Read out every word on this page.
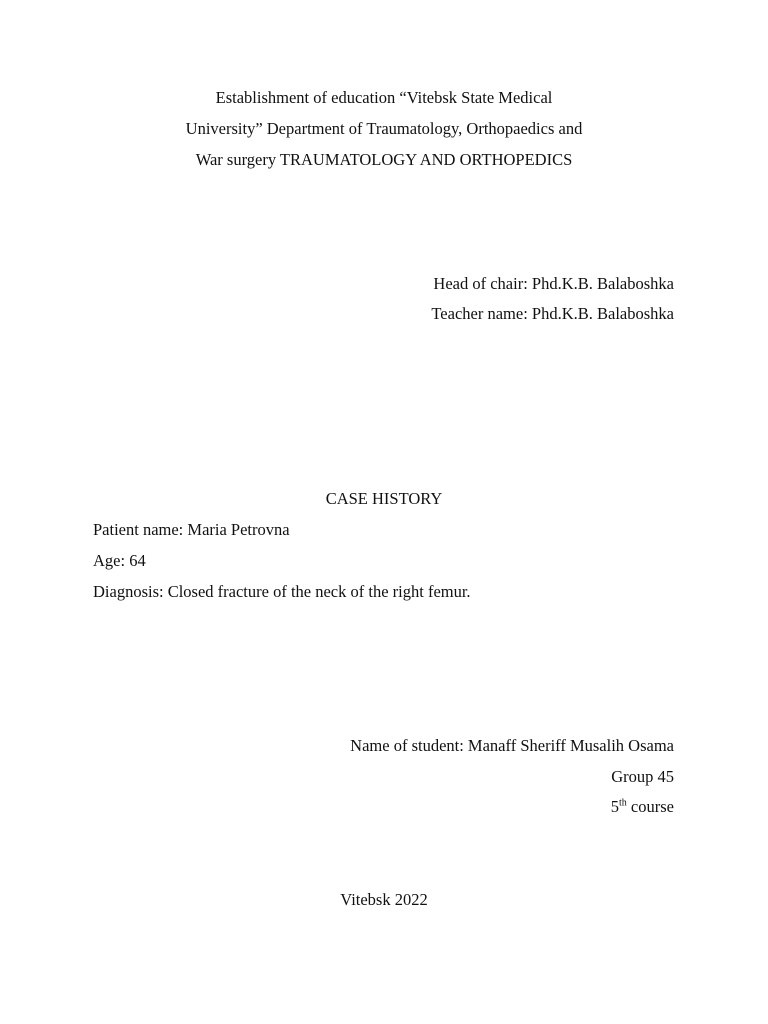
Establishment of education “Vitebsk State Medical
University” Department of Traumatology, Orthopaedics and
War surgery TRAUMATOLOGY AND ORTHOPEDICS
Head of chair: Phd.K.B. Balaboshka
Teacher name: Phd.K.B. Balaboshka
CASE HISTORY
Patient name: Maria Petrovna
Age: 64
Diagnosis: Closed fracture of the neck of the right femur.
Name of student: Manaff Sheriff Musalih Osama
Group 45
5th course
Vitebsk 2022
